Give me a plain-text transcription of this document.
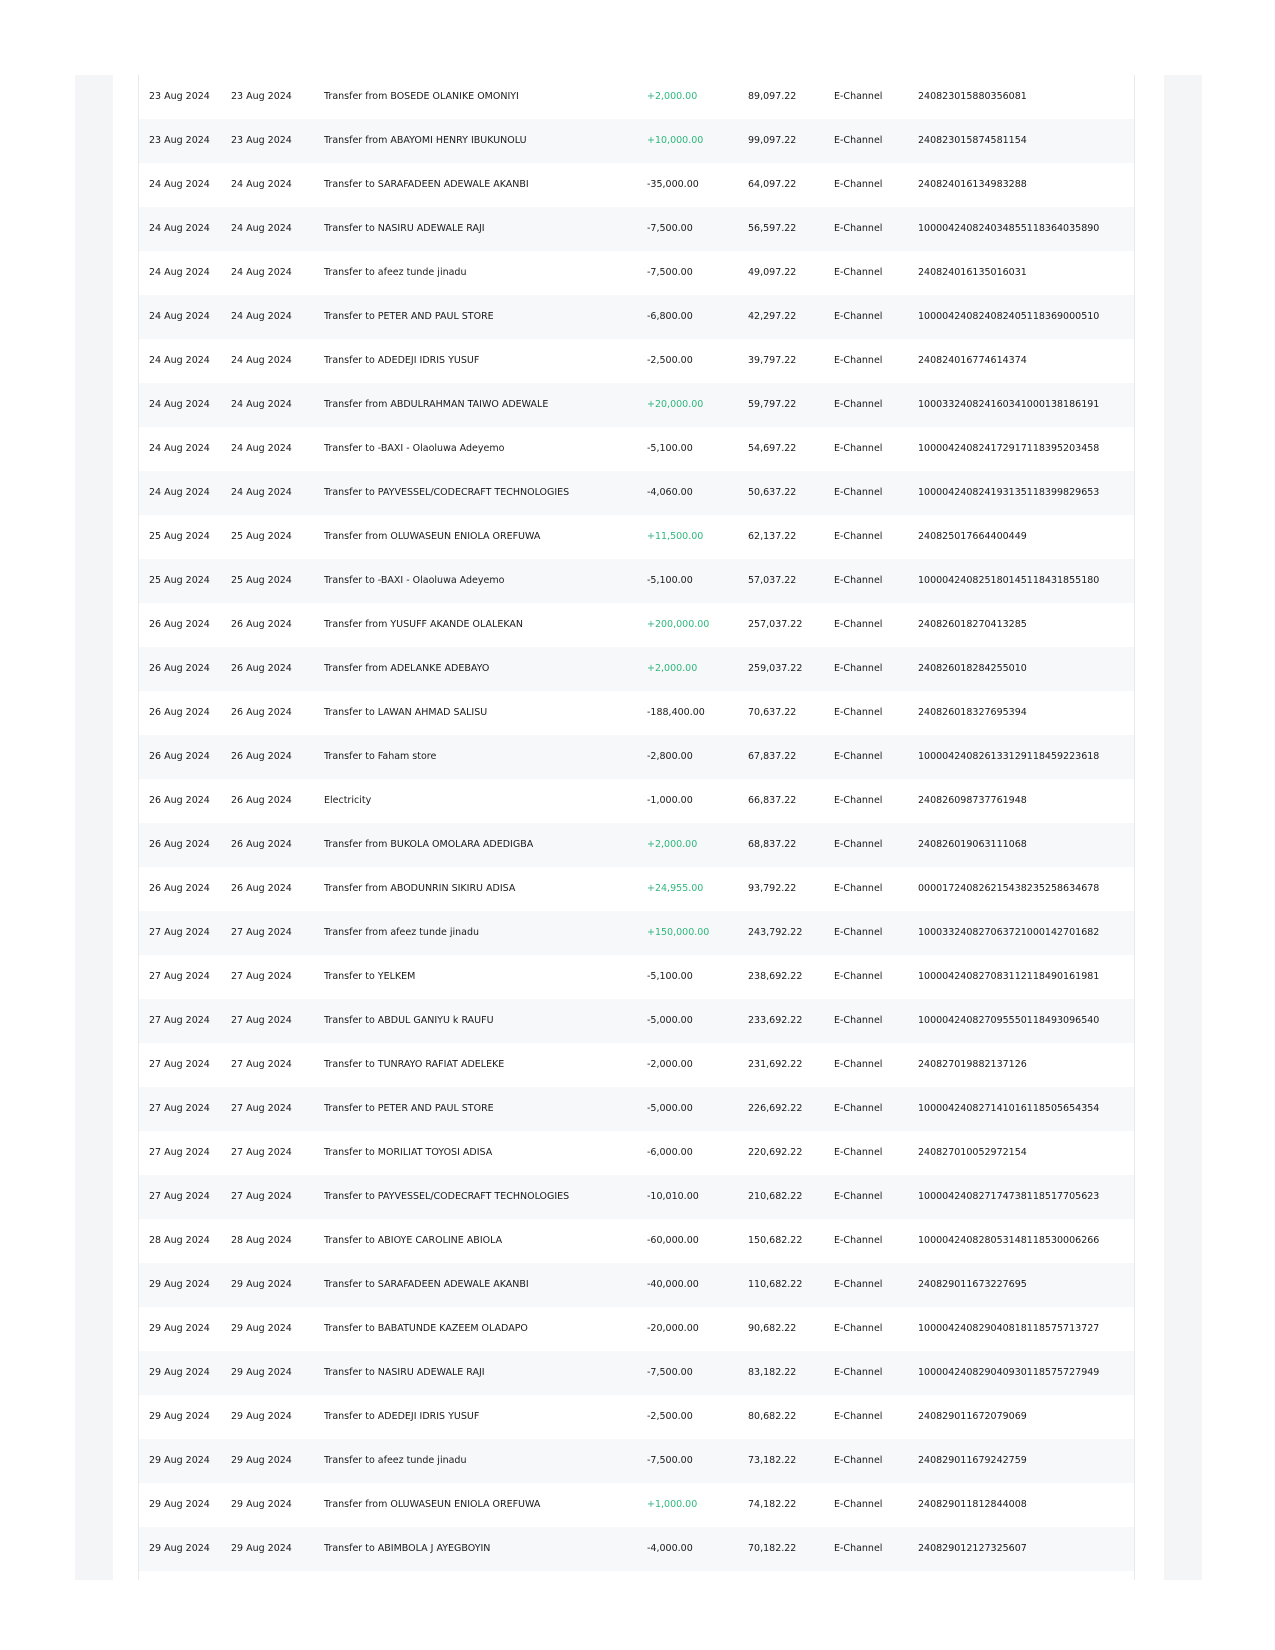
23 Aug 2024	23 Aug 2024	Transfer from BOSEDE OLANIKE OMONIYI	+2,000.00	89,097.22	E-Channel	240823015880356081
23 Aug 2024	23 Aug 2024	Transfer from ABAYOMI HENRY IBUKUNOLU	+10,000.00	99,097.22	E-Channel	240823015874581154
24 Aug 2024	24 Aug 2024	Transfer to SARAFADEEN ADEWALE AKANBI	-35,000.00	64,097.22	E-Channel	240824016134983288
24 Aug 2024	24 Aug 2024	Transfer to NASIRU ADEWALE RAJI	-7,500.00	56,597.22	E-Channel	100004240824034855118364035890
24 Aug 2024	24 Aug 2024	Transfer to afeez tunde jinadu	-7,500.00	49,097.22	E-Channel	240824016135016031
24 Aug 2024	24 Aug 2024	Transfer to PETER AND PAUL STORE	-6,800.00	42,297.22	E-Channel	100004240824082405118369000510
24 Aug 2024	24 Aug 2024	Transfer to ADEDEJI IDRIS YUSUF	-2,500.00	39,797.22	E-Channel	240824016774614374
24 Aug 2024	24 Aug 2024	Transfer from ABDULRAHMAN TAIWO ADEWALE	+20,000.00	59,797.22	E-Channel	100033240824160341000138186191
24 Aug 2024	24 Aug 2024	Transfer to -BAXI - Olaoluwa Adeyemo	-5,100.00	54,697.22	E-Channel	100004240824172917118395203458
24 Aug 2024	24 Aug 2024	Transfer to PAYVESSEL/CODECRAFT TECHNOLOGIES	-4,060.00	50,637.22	E-Channel	100004240824193135118399829653
25 Aug 2024	25 Aug 2024	Transfer from OLUWASEUN ENIOLA OREFUWA	+11,500.00	62,137.22	E-Channel	240825017664400449
25 Aug 2024	25 Aug 2024	Transfer to -BAXI - Olaoluwa Adeyemo	-5,100.00	57,037.22	E-Channel	100004240825180145118431855180
26 Aug 2024	26 Aug 2024	Transfer from YUSUFF AKANDE OLALEKAN	+200,000.00	257,037.22	E-Channel	240826018270413285
26 Aug 2024	26 Aug 2024	Transfer from ADELANKE ADEBAYO	+2,000.00	259,037.22	E-Channel	240826018284255010
26 Aug 2024	26 Aug 2024	Transfer to LAWAN AHMAD SALISU	-188,400.00	70,637.22	E-Channel	240826018327695394
26 Aug 2024	26 Aug 2024	Transfer to Faham store	-2,800.00	67,837.22	E-Channel	100004240826133129118459223618
26 Aug 2024	26 Aug 2024	Electricity	-1,000.00	66,837.22	E-Channel	240826098737761948
26 Aug 2024	26 Aug 2024	Transfer from BUKOLA OMOLARA ADEDIGBA	+2,000.00	68,837.22	E-Channel	240826019063111068
26 Aug 2024	26 Aug 2024	Transfer from ABODUNRIN SIKIRU ADISA	+24,955.00	93,792.22	E-Channel	000017240826215438235258634678
27 Aug 2024	27 Aug 2024	Transfer from afeez tunde jinadu	+150,000.00	243,792.22	E-Channel	100033240827063721000142701682
27 Aug 2024	27 Aug 2024	Transfer to YELKEM	-5,100.00	238,692.22	E-Channel	100004240827083112118490161981
27 Aug 2024	27 Aug 2024	Transfer to ABDUL GANIYU k RAUFU	-5,000.00	233,692.22	E-Channel	100004240827095550118493096540
27 Aug 2024	27 Aug 2024	Transfer to TUNRAYO RAFIAT ADELEKE	-2,000.00	231,692.22	E-Channel	240827019882137126
27 Aug 2024	27 Aug 2024	Transfer to PETER AND PAUL STORE	-5,000.00	226,692.22	E-Channel	100004240827141016118505654354
27 Aug 2024	27 Aug 2024	Transfer to MORILIAT TOYOSI ADISA	-6,000.00	220,692.22	E-Channel	240827010052972154
27 Aug 2024	27 Aug 2024	Transfer to PAYVESSEL/CODECRAFT TECHNOLOGIES	-10,010.00	210,682.22	E-Channel	100004240827174738118517705623
28 Aug 2024	28 Aug 2024	Transfer to ABIOYE CAROLINE ABIOLA	-60,000.00	150,682.22	E-Channel	100004240828053148118530006266
29 Aug 2024	29 Aug 2024	Transfer to SARAFADEEN ADEWALE AKANBI	-40,000.00	110,682.22	E-Channel	240829011673227695
29 Aug 2024	29 Aug 2024	Transfer to BABATUNDE KAZEEM OLADAPO	-20,000.00	90,682.22	E-Channel	100004240829040818118575713727
29 Aug 2024	29 Aug 2024	Transfer to NASIRU ADEWALE RAJI	-7,500.00	83,182.22	E-Channel	100004240829040930118575727949
29 Aug 2024	29 Aug 2024	Transfer to ADEDEJI IDRIS YUSUF	-2,500.00	80,682.22	E-Channel	240829011672079069
29 Aug 2024	29 Aug 2024	Transfer to afeez tunde jinadu	-7,500.00	73,182.22	E-Channel	240829011679242759
29 Aug 2024	29 Aug 2024	Transfer from OLUWASEUN ENIOLA OREFUWA	+1,000.00	74,182.22	E-Channel	240829011812844008
29 Aug 2024	29 Aug 2024	Transfer to ABIMBOLA J AYEGBOYIN	-4,000.00	70,182.22	E-Channel	240829012127325607
